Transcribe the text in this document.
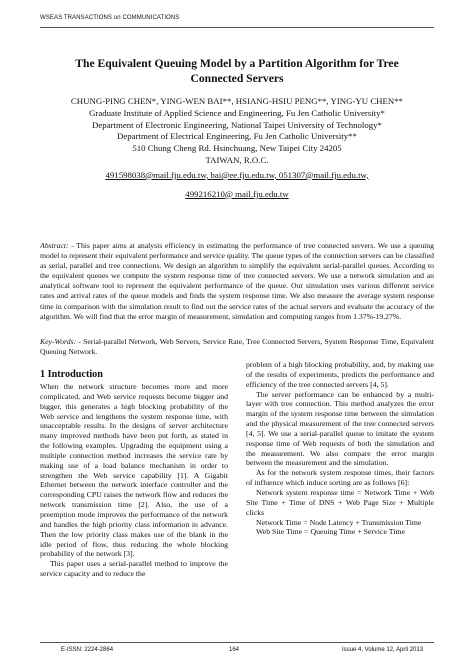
WSEAS TRANSACTIONS on COMMUNICATIONS
The Equivalent Queuing Model by a Partition Algorithm for Tree
Connected Servers
CHUNG-PING CHEN*, YING-WEN BAI**, HSIANG-HSIU PENG**, YING-YU CHEN**
Graduate Institute of Applied Science and Engineering, Fu Jen Catholic University*
Department of Electronic Engineering, National Taipei University of Technology*
Department of Electrical Engineering, Fu Jen Catholic University**
510 Chung Cheng Rd. Hsinchuang, New Taipei City 24205
TAIWAN, R.O.C.
491598038@mail.fju.edu.tw, bai@ee.fju.edu.tw, 051307@mail.fju.edu.tw,
499216210@ mail.fju.edu.tw
Abstract: - This paper aims at analysis efficiency in estimating the performance of tree connected servers. We use a queuing model to represent their equivalent performance and service quality. The queue types of the connection servers can be classified as serial, parallel and tree connections. We design an algorithm to simplify the equivalent serial-parallel queues. According to the equivalent queues we compute the system response time of tree connected servers. We use a network simulation and an analytical software tool to represent the equivalent performance of the queue. Our simulation uses various different service rates and arrival rates of the queue models and finds the system response time. We also measure the average system response time in comparison with the simulation result to find out the service rates of the actual servers and evaluate the accuracy of the algorithm. We will find that the error margin of measurement, simulation and computing ranges from 1.37%-19.27%.
Key-Words: - Serial-parallel Network, Web Servers, Service Rate, Tree Connected Servers, System Response Time, Equivalent Queuing Network.
1 Introduction

When the network structure becomes more and more complicated, and Web service requests become bigger and bigger, this generates a high blocking probability of the Web service and lengthens the system response time, with unacceptable results. In the designs of server architecture many improved methods have been put forth, as stated in the following examples. Upgrading the equipment using a multiple connection method increases the service rate by making use of a load balance mechanism in order to strengthen the Web service capability [1]. A Gigabit Ethernet between the network interface controller and the corresponding CPU raises the network flow and reduces the network transmission time [2]. Also, the use of a preemption mode improves the performance of the network and handles the high priority class information in advance. Then the low priority class makes use of the blank in the idle period of flow, thus reducing the whole blocking probability of the network [3].

This paper uses a serial-parallel method to improve the service capacity and to reduce the

problem of a high blocking probability, and, by making use of the results of experiments, predicts the performance and efficiency of the tree connected servers [4, 5].

The server performance can be enhanced by a multi-layer with tree connection. This method analyzes the error margin of the system response time between the simulation and the physical measurement of the tree connected servers [4, 5]. We use a serial-parallel queue to imitate the system response time of Web requests of both the simulation and the measurement. We also compare the error margin between the measurement and the simulation.

As for the network system response times, their factors of influence which induce sorting are as follows [6]:

Network system response time = Network Time + Web Site Time + Time of DNS + Web Page Size + Multiple clicks

Network Time = Node Latency + Transmission Time

Web Site Time = Queuing Time + Service Time

E-ISSN: 2224-2864	164	Issue 4, Volume 12, April 2013
